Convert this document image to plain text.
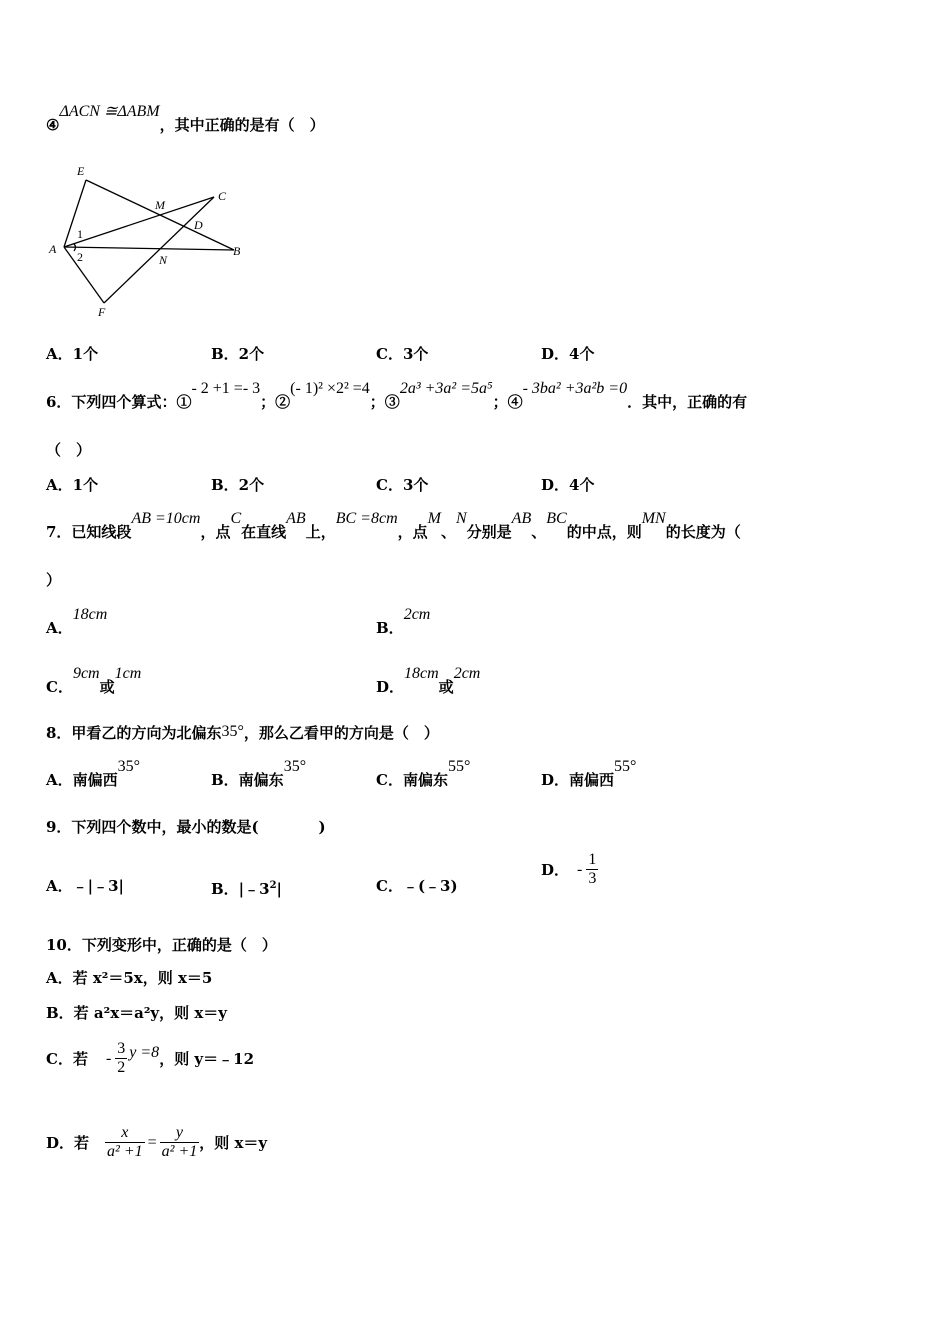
④ΔACN ≅ΔABM，其中正确的是有（　）
E
C
M
D
A
1
2	N
B
F
A．1个	B．2个	C．3个	D．4个
6．下列四个算式：①- 2 +1 =- 3；②(- 1)² ×2² =4；③2a³ +3a² =5a⁵；④- 3ba² +3a²b =0．其中，正确的有
（　）
A．1个	B．2个	C．3个	D．4个
7．已知线段AB =10cm，点C在直线AB上，BC =8cm，点M、N分别是AB、BC的中点，则MN的长度为（
）
A．18cm
B．2cm
C．9cm或1cm
D．18cm或2cm
8．甲看乙的方向为北偏东35°，那么乙看甲的方向是（　）
A．南偏西35°
B．南偏东35°
C．南偏东55°
D．南偏西55°
9．下列四个数中，最小的数是(　　　　)
A．﹣|﹣3|	B．$|﹣3^2|$	C．﹣(﹣3)
D． - $\frac{1}{3}$
10．下列变形中，正确的是（　）
A．若 x²＝5x，则 x＝5
B．若 a²x＝a²y，则 x＝y
C．若 - $\frac{3}{2}$ y =8，则 y＝﹣12
D．若 $\frac{x}{\text{a² +1}} = \frac{y}{\text{a² +1}}$ ，则 x＝y
